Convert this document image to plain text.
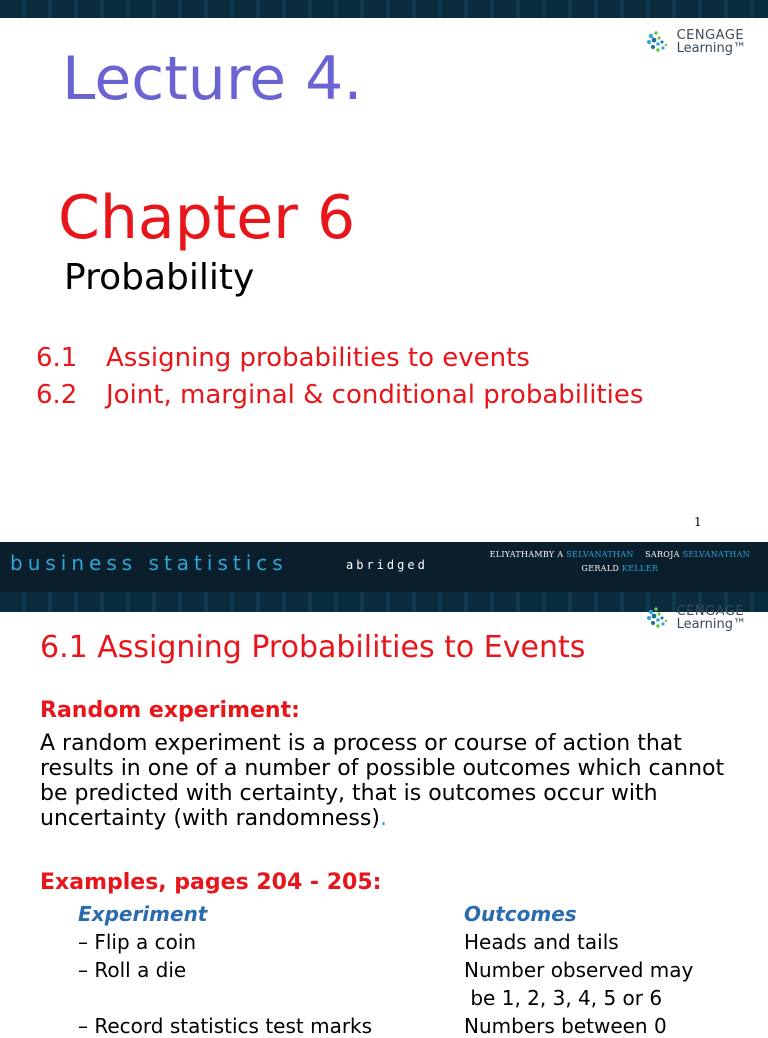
CENGAGE
Learning™
Lecture 4.
Chapter 6

Probability

6.1 Assigning probabilities to events
6.2 Joint, marginal & conditional probabilities
1
business statistics	abridged
ELIYATHAMBY A SELVANATHAN SAROJA SELVANATHAN
GERALD KELLER
CENGAGE
Learning™
6.1 Assigning Probabilities to Events

Random experiment:

A random experiment is a process or course of action that results in one of a number of possible outcomes which cannot be predicted with certainty, that is outcomes occur with uncertainty (with randomness).

Examples, pages 204 - 205:

Experiment	Outcomes
– Flip a coin	Heads and tails
– Roll a die	Number observed may
be 1, 2, 3, 4, 5 or 6
– Record statistics test marks	Numbers between 0
